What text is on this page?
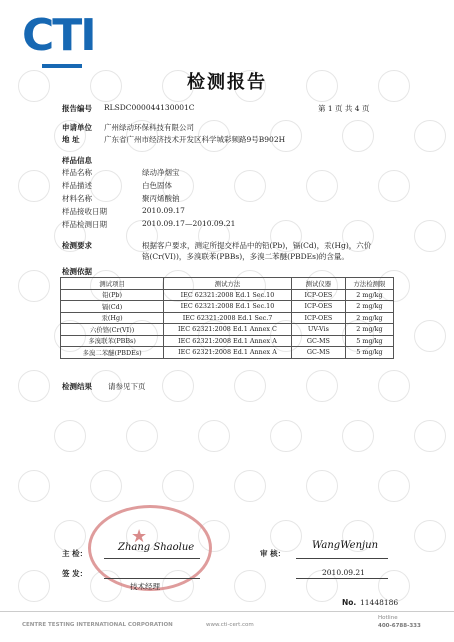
CTI
检测报告
报告编号 RLSDC000044130001C	第 1 页 共 4 页
申请单位 广州绿动环保科技有限公司
地 址	广东省广州市经济技术开发区科学城彩频路9号B902H
样品信息
样品名称	绿动净烟宝
样品描述	白色固体
材料名称	聚丙烯酸钠
样品接收日期	2010.09.17
样品检测日期	2010.09.17—2010.09.21
检测要求	根据客户要求，测定所提交样品中的铅(Pb)，镉(Cd)，汞(Hg)，六价
铬(Cr(VI))，多溴联苯(PBBs)，多溴二苯醚(PBDEs)的含量。
检测依据
测试项目	测试方法	测试仪器	方法检测限
铅(Pb)	IEC 62321:2008 Ed.1 Sec.10	ICP-OES	2 mg/kg
镉(Cd)	IEC 62321:2008 Ed.1 Sec.10	ICP-OES	2 mg/kg
汞(Hg)	IEC 62321:2008 Ed.1 Sec.7	ICP-OES	2 mg/kg
六价铬(Cr(VI))	IEC 62321:2008 Ed.1 Annex C	UV-Vis	2 mg/kg
多溴联苯(PBBs)	IEC 62321:2008 Ed.1 Annex A	GC-MS	5 mg/kg
多溴二苯醚(PBDEs)	IEC 62321:2008 Ed.1 Annex A	GC-MS	5 mg/kg
检测结果 请参见下页
★
主 检：
Zhang Shaolue
审 核：
WangWenjun
签 发：
技术经理
2010.09.21
No. 11448186
CENTRE TESTING INTERNATIONAL CORPORATION	www.cti-cert.com
Hotline
400-6788-333
